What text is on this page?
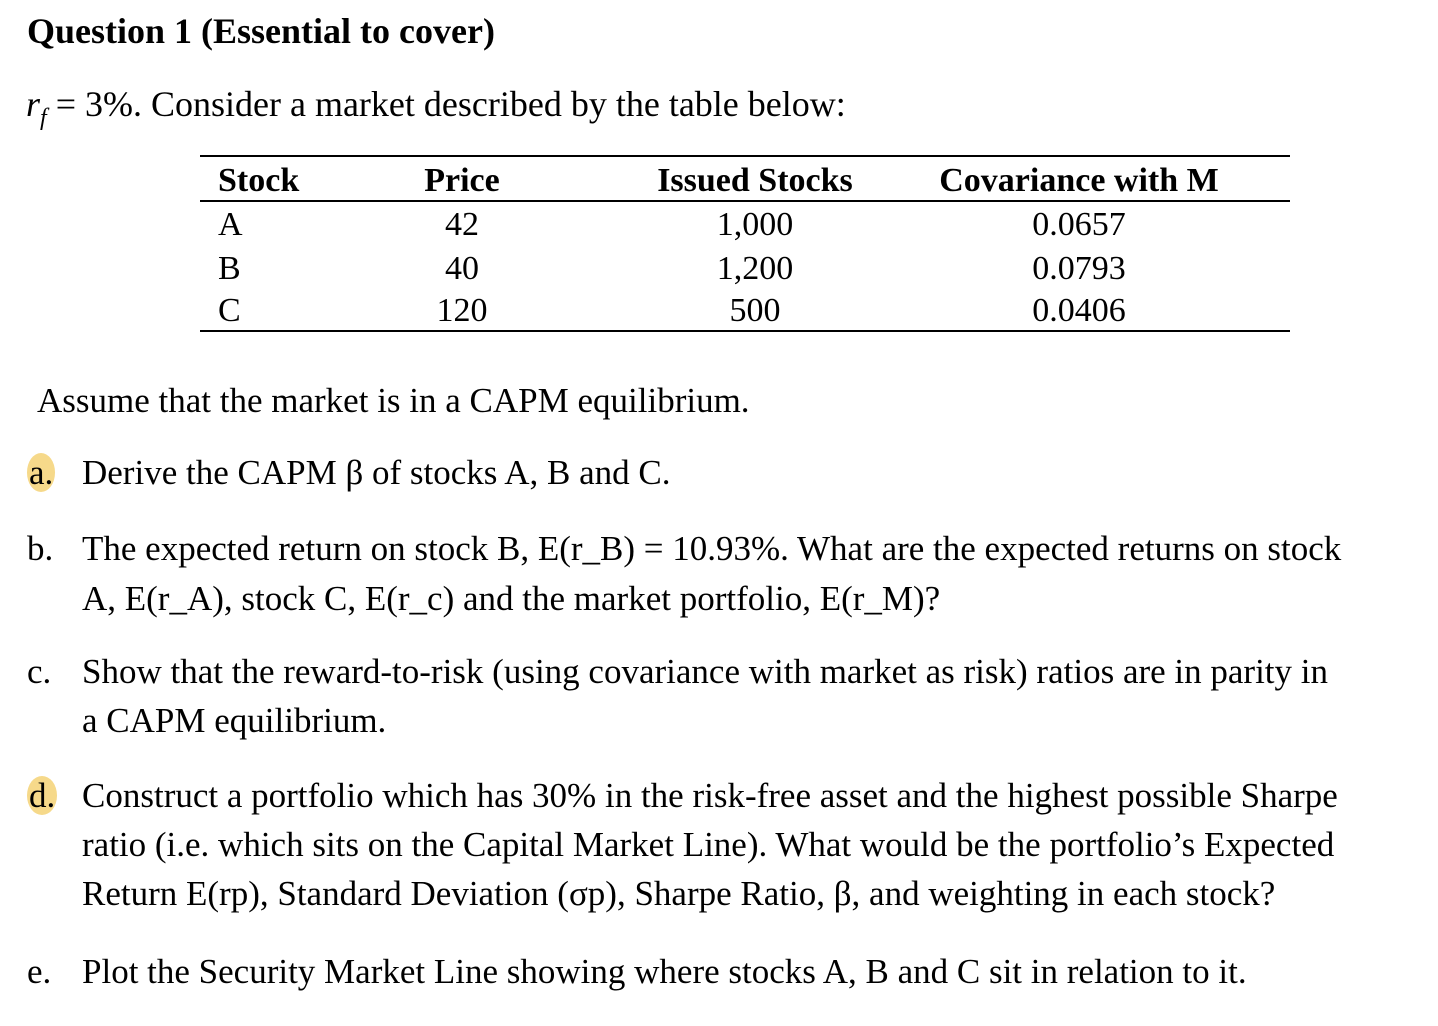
Question 1 (Essential to cover)
$r_f = 3\%$. Consider a market described by the table below:
Stock	Price	Issued Stocks	Covariance with M
A	42	1,000	0.0657
B	40	1,200	0.0793
C	120	500	0.0406
Assume that the market is in a CAPM equilibrium.
a. Derive the CAPM β of stocks A, B and C.
b. The expected return on stock B, E(r_B) = 10.93%. What are the expected returns on stock
A, E(r_A), stock C, E(r_c) and the market portfolio, E(r_M)?
c. Show that the reward-to-risk (using covariance with market as risk) ratios are in parity in
a CAPM equilibrium.
d. Construct a portfolio which has 30% in the risk-free asset and the highest possible Sharpe
ratio (i.e. which sits on the Capital Market Line). What would be the portfolio’s Expected
Return E(rp), Standard Deviation (σp), Sharpe Ratio, β, and weighting in each stock?
e. Plot the Security Market Line showing where stocks A, B and C sit in relation to it.
